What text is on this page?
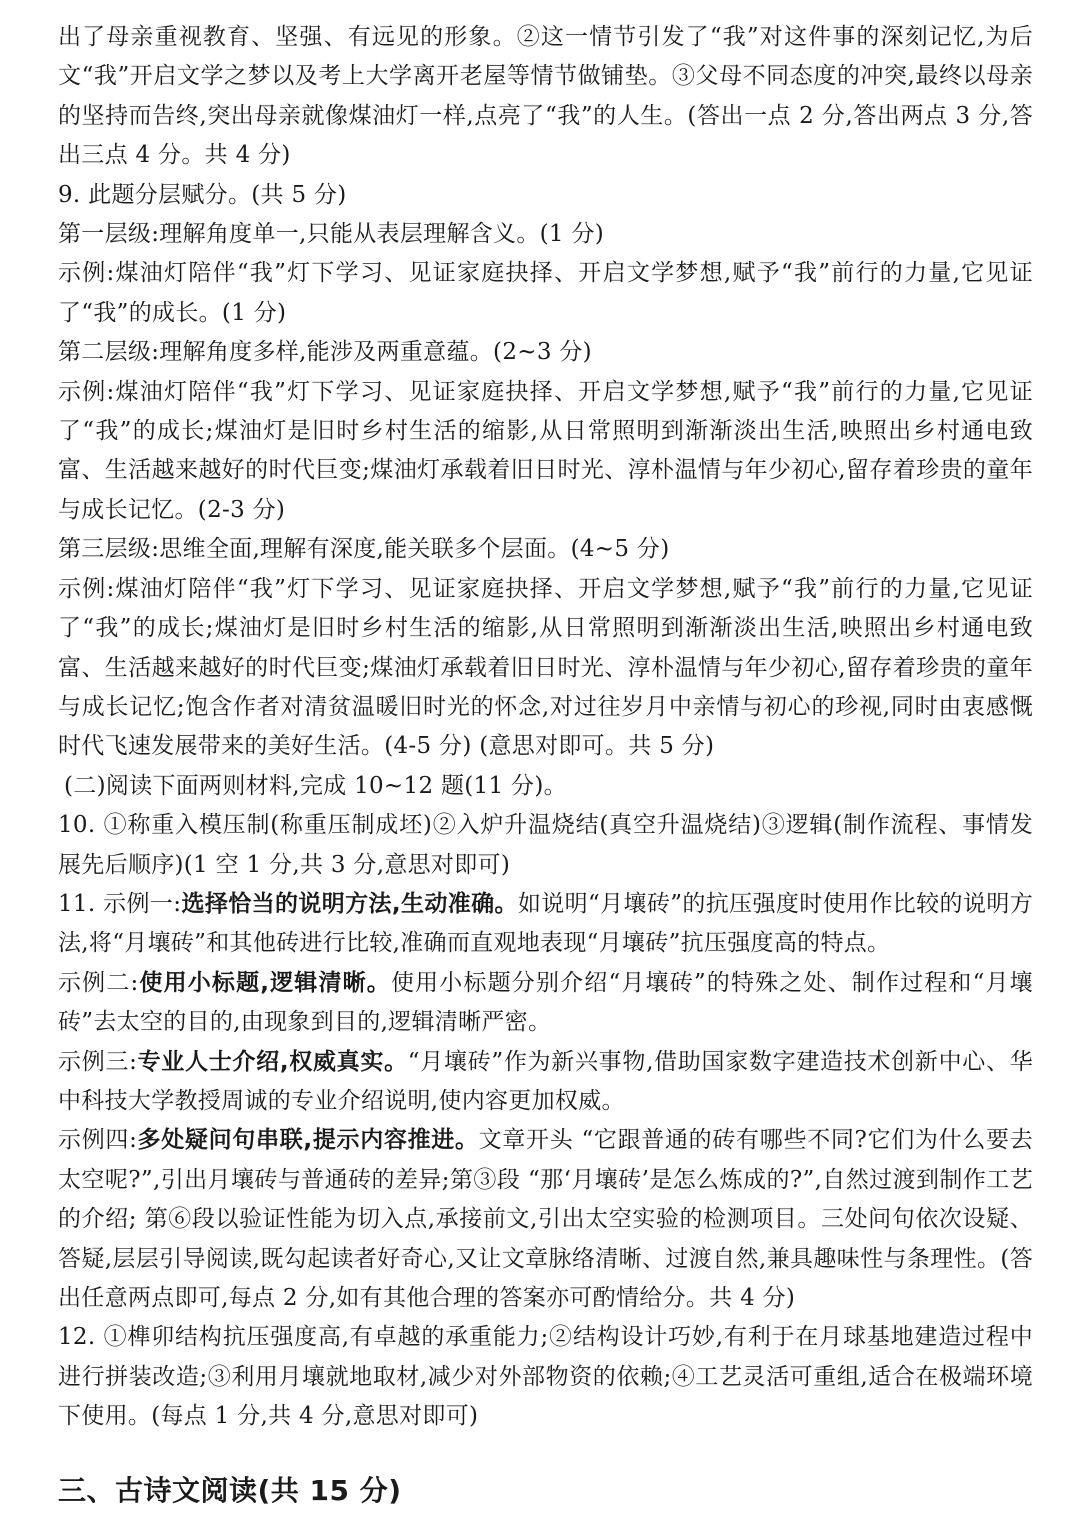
出了母亲重视教育、坚强、有远见的形象。②这一情节引发了“我”对这件事的深刻记忆,为后文“我”开启文学之梦以及考上大学离开老屋等情节做铺垫。③父母不同态度的冲突,最终以母亲的坚持而告终,突出母亲就像煤油灯一样,点亮了“我”的人生。(答出一点 2 分,答出两点 3 分,答出三点 4 分。共 4 分)

9. 此题分层赋分。(共 5 分)

第一层级:理解角度单一,只能从表层理解含义。(1 分)

示例:煤油灯陪伴“我”灯下学习、见证家庭抉择、开启文学梦想,赋予“我”前行的力量,它见证了“我”的成长。(1 分)

第二层级:理解角度多样,能涉及两重意蕴。(2~3 分)

示例:煤油灯陪伴“我”灯下学习、见证家庭抉择、开启文学梦想,赋予“我”前行的力量,它见证了“我”的成长;煤油灯是旧时乡村生活的缩影,从日常照明到渐渐淡出生活,映照出乡村通电致富、生活越来越好的时代巨变;煤油灯承载着旧日时光、淳朴温情与年少初心,留存着珍贵的童年与成长记忆。(2-3 分)

第三层级:思维全面,理解有深度,能关联多个层面。(4~5 分)

示例:煤油灯陪伴“我”灯下学习、见证家庭抉择、开启文学梦想,赋予“我”前行的力量,它见证了“我”的成长;煤油灯是旧时乡村生活的缩影,从日常照明到渐渐淡出生活,映照出乡村通电致富、生活越来越好的时代巨变;煤油灯承载着旧日时光、淳朴温情与年少初心,留存着珍贵的童年与成长记忆;饱含作者对清贫温暖旧时光的怀念,对过往岁月中亲情与初心的珍视,同时由衷感慨时代飞速发展带来的美好生活。(4-5 分) (意思对即可。共 5 分)

(二)阅读下面两则材料,完成 10~12 题(11 分)。

10. ①称重入模压制(称重压制成坯)②入炉升温烧结(真空升温烧结)③逻辑(制作流程、事情发展先后顺序)(1 空 1 分,共 3 分,意思对即可)

11. 示例一:选择恰当的说明方法,生动准确。如说明“月壤砖”的抗压强度时使用作比较的说明方法,将“月壤砖”和其他砖进行比较,准确而直观地表现“月壤砖”抗压强度高的特点。

示例二:使用小标题,逻辑清晰。使用小标题分别介绍“月壤砖”的特殊之处、制作过程和“月壤砖”去太空的目的,由现象到目的,逻辑清晰严密。

示例三:专业人士介绍,权威真实。“月壤砖”作为新兴事物,借助国家数字建造技术创新中心、华中科技大学教授周诚的专业介绍说明,使内容更加权威。

示例四:多处疑问句串联,提示内容推进。文章开头 “它跟普通的砖有哪些不同?它们为什么要去太空呢?”,引出月壤砖与普通砖的差异;第③段 “那‘月壤砖’是怎么炼成的?”,自然过渡到制作工艺的介绍; 第⑥段以验证性能为切入点,承接前文,引出太空实验的检测项目。三处问句依次设疑、答疑,层层引导阅读,既勾起读者好奇心,又让文章脉络清晰、过渡自然,兼具趣味性与条理性。(答出任意两点即可,每点 2 分,如有其他合理的答案亦可酌情给分。共 4 分)

12. ①榫卯结构抗压强度高,有卓越的承重能力;②结构设计巧妙,有利于在月球基地建造过程中进行拼装改造;③利用月壤就地取材,减少对外部物资的依赖;④工艺灵活可重组,适合在极端环境下使用。(每点 1 分,共 4 分,意思对即可)

三、古诗文阅读(共 15 分)
